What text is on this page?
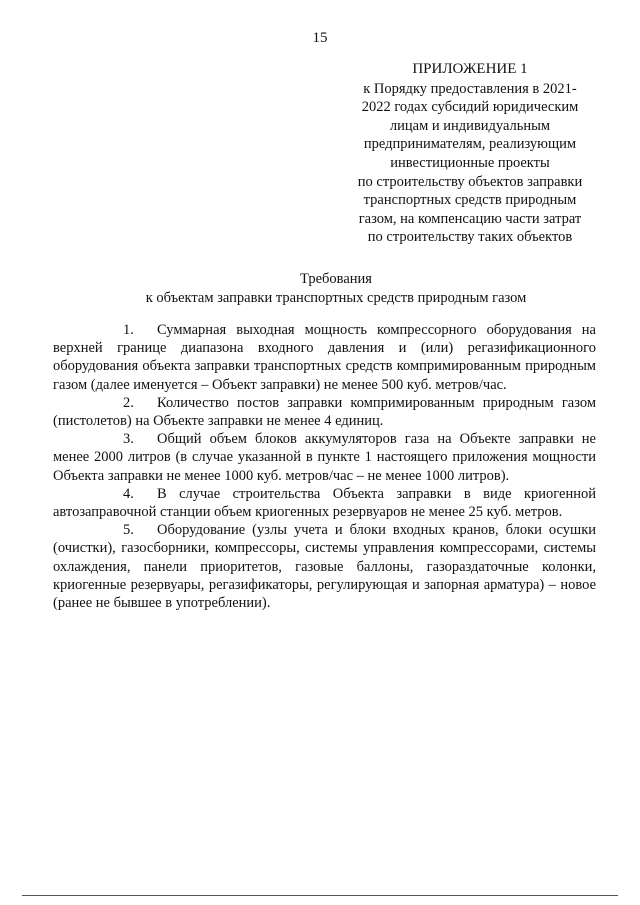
15
ПРИЛОЖЕНИЕ 1
к Порядку предоставления в 2021-
2022 годах субсидий юридическим
лицам и индивидуальным
предпринимателям, реализующим
инвестиционные проекты
по строительству объектов заправки
транспортных средств природным
газом, на компенсацию части затрат
по строительству таких объектов
Требования
к объектам заправки транспортных средств природным газом

1. Суммарная выходная мощность компрессорного оборудования на верхней границе диапазона входного давления и (или) регазификационного оборудования объекта заправки транспортных средств компримированным природным газом (далее именуется – Объект заправки) не менее 500 куб. метров/час.

2. Количество постов заправки компримированным природным газом (пистолетов) на Объекте заправки не менее 4 единиц.

3. Общий объем блоков аккумуляторов газа на Объекте заправки не менее 2000 литров (в случае указанной в пункте 1 настоящего приложения мощности Объекта заправки не менее 1000 куб. метров/час – не менее 1000 литров).

4. В случае строительства Объекта заправки в виде криогенной автозаправочной станции объем криогенных резервуаров не менее 25 куб. метров.

5. Оборудование (узлы учета и блоки входных кранов, блоки осушки (очистки), газосборники, компрессоры, системы управления компрессорами, системы охлаждения, панели приоритетов, газовые баллоны, газораздаточные колонки, криогенные резервуары, регазификаторы, регулирующая и запорная арматура) – новое (ранее не бывшее в употреблении).
